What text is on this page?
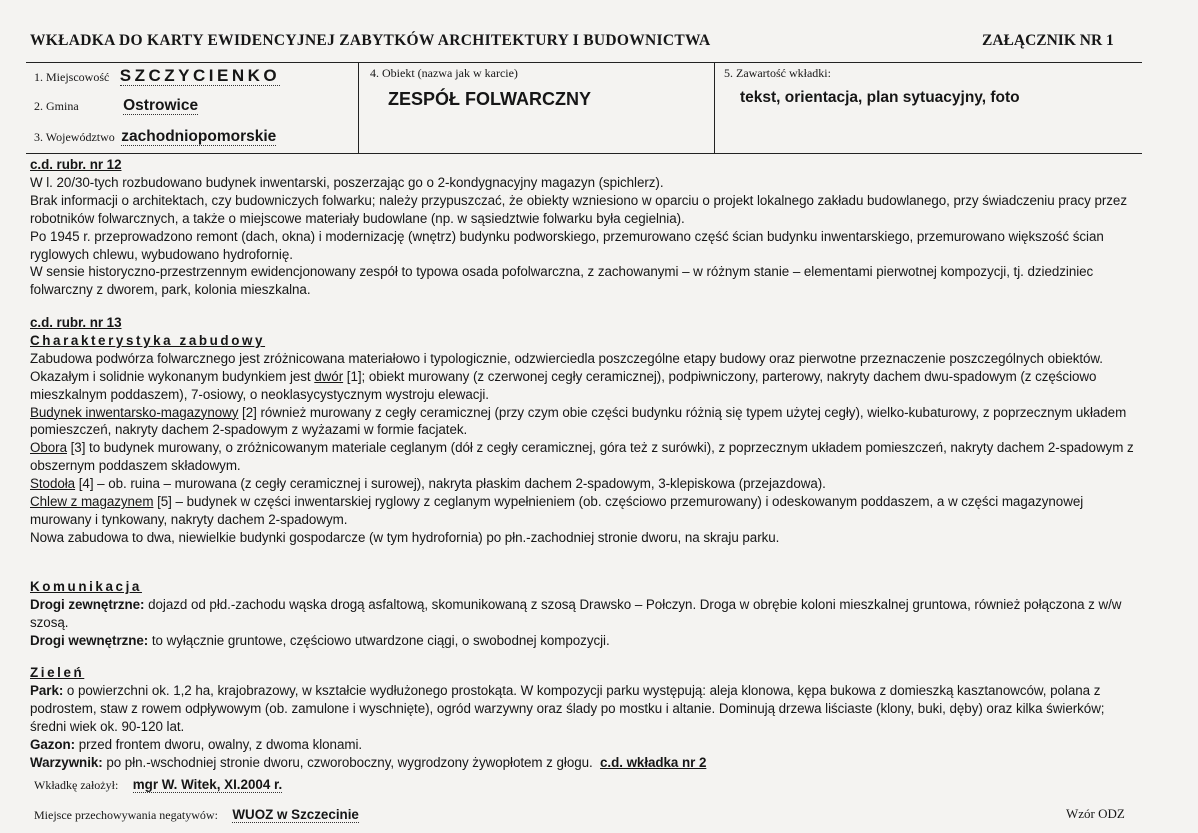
WKŁADKA DO KARTY EWIDENCYJNEJ ZABYTKÓW ARCHITEKTURY I BUDOWNICTWA	ZAŁĄCZNIK NR 1
1. Miejscowość SZCZYCIENKO
2. Gmina	Ostrowice
3. Województwo zachodniopomorskie
4. Obiekt (nazwa jak w karcie)
ZESPÓŁ FOLWARCZNY
5. Zawartość wkładki:
tekst, orientacja, plan sytuacyjny, foto

c.d. rubr. nr 12

W l. 20/30-tych rozbudowano budynek inwentarski, poszerzając go o 2-kondygnacyjny magazyn (spichlerz).

Brak informacji o architektach, czy budowniczych folwarku; należy przypuszczać, że obiekty wzniesiono w oparciu o projekt lokalnego zakładu budowlanego, przy świadczeniu pracy przez robotników folwarcznych, a także o miejscowe materiały budowlane (np. w sąsiedztwie folwarku była cegielnia).

Po 1945 r. przeprowadzono remont (dach, okna) i modernizację (wnętrz) budynku podworskiego, przemurowano część ścian budynku inwentarskiego, przemurowano większość ścian ryglowych chlewu, wybudowano hydrofornię.

W sensie historyczno-przestrzennym ewidencjonowany zespół to typowa osada pofolwarczna, z zachowanymi – w różnym stanie – elementami pierwotnej kompozycji, tj. dziedziniec folwarczny z dworem, park, kolonia mieszkalna.

c.d. rubr. nr 13

Charakterystyka zabudowy

Zabudowa podwórza folwarcznego jest zróżnicowana materiałowo i typologicznie, odzwierciedla poszczególne etapy budowy oraz pierwotne przeznaczenie poszczególnych obiektów.

Okazałym i solidnie wykonanym budynkiem jest dwór [1]; obiekt murowany (z czerwonej cegły ceramicznej), podpiwniczony, parterowy, nakryty dachem dwu-spadowym (z częściowo mieszkalnym poddaszem), 7-osiowy, o neoklasycystycznym wystroju elewacji.

Budynek inwentarsko-magazynowy [2] również murowany z cegły ceramicznej (przy czym obie części budynku różnią się typem użytej cegły), wielko-kubaturowy, z poprzecznym układem pomieszczeń, nakryty dachem 2-spadowym z wyżazami w formie facjatek.

Obora [3] to budynek murowany, o zróżnicowanym materiale ceglanym (dół z cegły ceramicznej, góra też z surówki), z poprzecznym układem pomieszczeń, nakryty dachem 2-spadowym z obszernym poddaszem składowym.

Stodoła [4] – ob. ruina – murowana (z cegły ceramicznej i surowej), nakryta płaskim dachem 2-spadowym, 3-klepiskowa (przejazdowa).

Chlew z magazynem [5] – budynek w części inwentarskiej ryglowy z ceglanym wypełnieniem (ob. częściowo przemurowany) i odeskowanym poddaszem, a w części magazynowej murowany i tynkowany, nakryty dachem 2-spadowym.

Nowa zabudowa to dwa, niewielkie budynki gospodarcze (w tym hydrofornia) po płn.-zachodniej stronie dworu, na skraju parku.

Komunikacja

Drogi zewnętrzne: dojazd od płd.-zachodu wąska drogą asfaltową, skomunikowaną z szosą Drawsko – Połczyn. Droga w obrębie koloni mieszkalnej gruntowa, również połączona z w/w szosą.

Drogi wewnętrzne: to wyłącznie gruntowe, częściowo utwardzone ciągi, o swobodnej kompozycji.

Zieleń

Park: o powierzchni ok. 1,2 ha, krajobrazowy, w kształcie wydłużonego prostokąta. W kompozycji parku występują: aleja klonowa, kępa bukowa z domieszką kasztanowców, polana z podrostem, staw z rowem odpływowym (ob. zamulone i wyschnięte), ogród warzywny oraz ślady po mostku i altanie. Dominują drzewa liściaste (klony, buki, dęby) oraz kilka świerków; średni wiek ok. 90-120 lat.

Gazon: przed frontem dworu, owalny, z dwoma klonami.

Warzywnik: po płn.-wschodniej stronie dworu, czworoboczny, wygrodzony żywopłotem z głogu. c.d. wkładka nr 2

Wkładkę założył: mgr W. Witek, XI.2004 r.
Miejsce przechowywania negatywów: WUOZ w Szczecinie	Wzór ODZ
